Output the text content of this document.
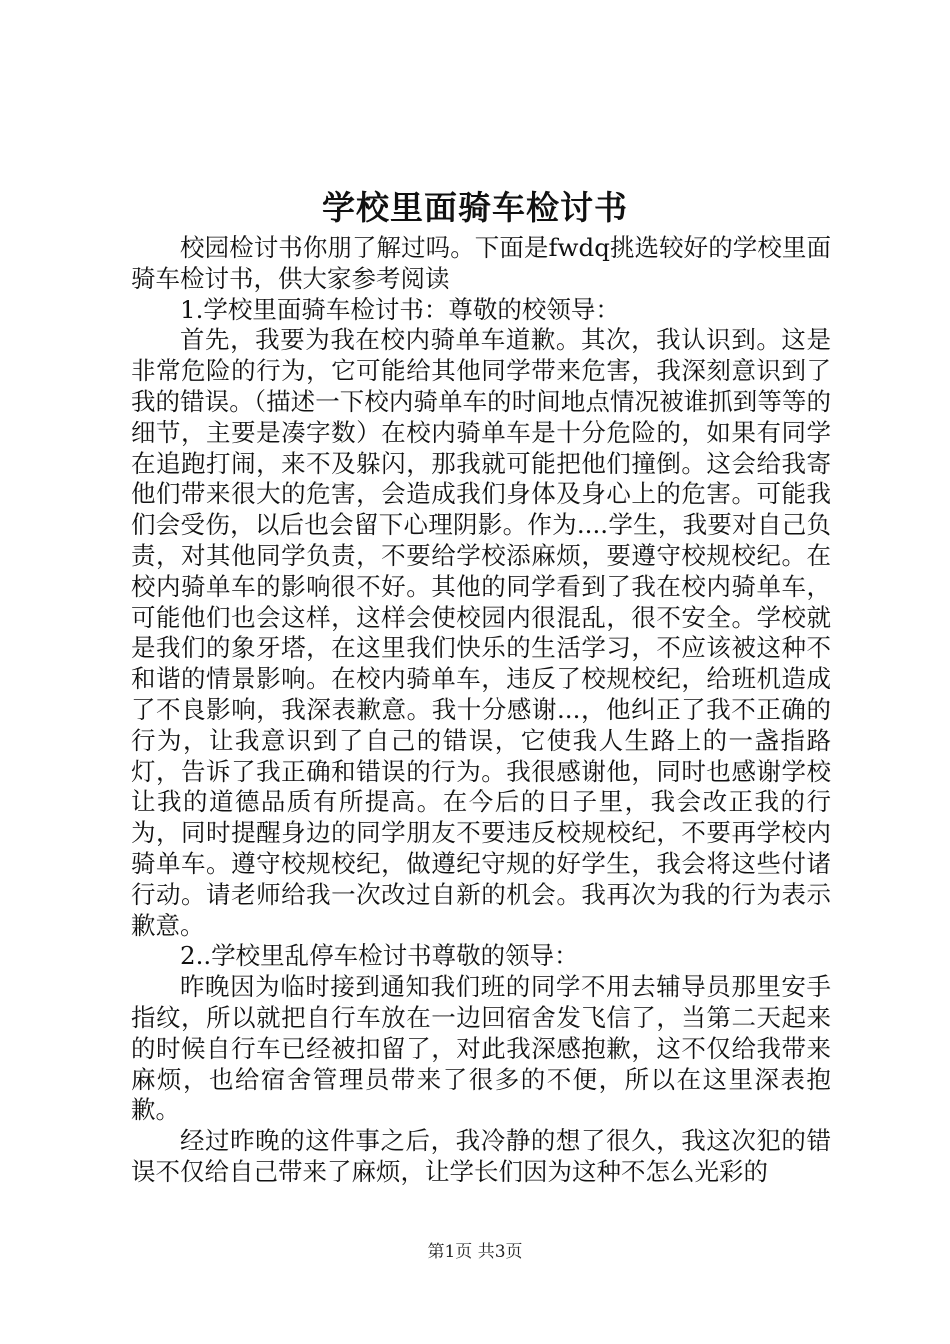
学校里面骑车检讨书

校园检讨书你朋了解过吗。下面是fwdq挑选较好的学校里面骑车检讨书，供大家参考阅读

1.学校里面骑车检讨书：尊敬的校领导：

首先，我要为我在校内骑单车道歉。其次，我认识到。这是非常危险的行为，它可能给其他同学带来危害，我深刻意识到了我的错误。（描述一下校内骑单车的时间地点情况被谁抓到等等的细节，主要是凑字数）在校内骑单车是十分危险的，如果有同学在追跑打闹，来不及躲闪，那我就可能把他们撞倒。这会给我寄他们带来很大的危害，会造成我们身体及身心上的危害。可能我们会受伤，以后也会留下心理阴影。作为....学生，我要对自己负责，对其他同学负责，不要给学校添麻烦，要遵守校规校纪。在校内骑单车的影响很不好。其他的同学看到了我在校内骑单车，可能他们也会这样，这样会使校园内很混乱，很不安全。学校就是我们的象牙塔，在这里我们快乐的生活学习，不应该被这种不和谐的情景影响。在校内骑单车，违反了校规校纪，给班机造成了不良影响，我深表歉意。我十分感谢...，他纠正了我不正确的行为，让我意识到了自己的错误，它使我人生路上的一盏指路灯，告诉了我正确和错误的行为。我很感谢他，同时也感谢学校让我的道德品质有所提高。在今后的日子里，我会改正我的行为，同时提醒身边的同学朋友不要违反校规校纪，不要再学校内骑单车。遵守校规校纪，做遵纪守规的好学生，我会将这些付诸行动。请老师给我一次改过自新的机会。我再次为我的行为表示歉意。

2..学校里乱停车检讨书尊敬的领导：

昨晚因为临时接到通知我们班的同学不用去辅导员那里安手指纹，所以就把自行车放在一边回宿舍发飞信了，当第二天起来的时候自行车已经被扣留了，对此我深感抱歉，这不仅给我带来麻烦，也给宿舍管理员带来了很多的不便，所以在这里深表抱歉。

经过昨晚的这件事之后，我冷静的想了很久，我这次犯的错误不仅给自己带来了麻烦，让学长们因为这种不怎么光彩的

第1页 共3页
